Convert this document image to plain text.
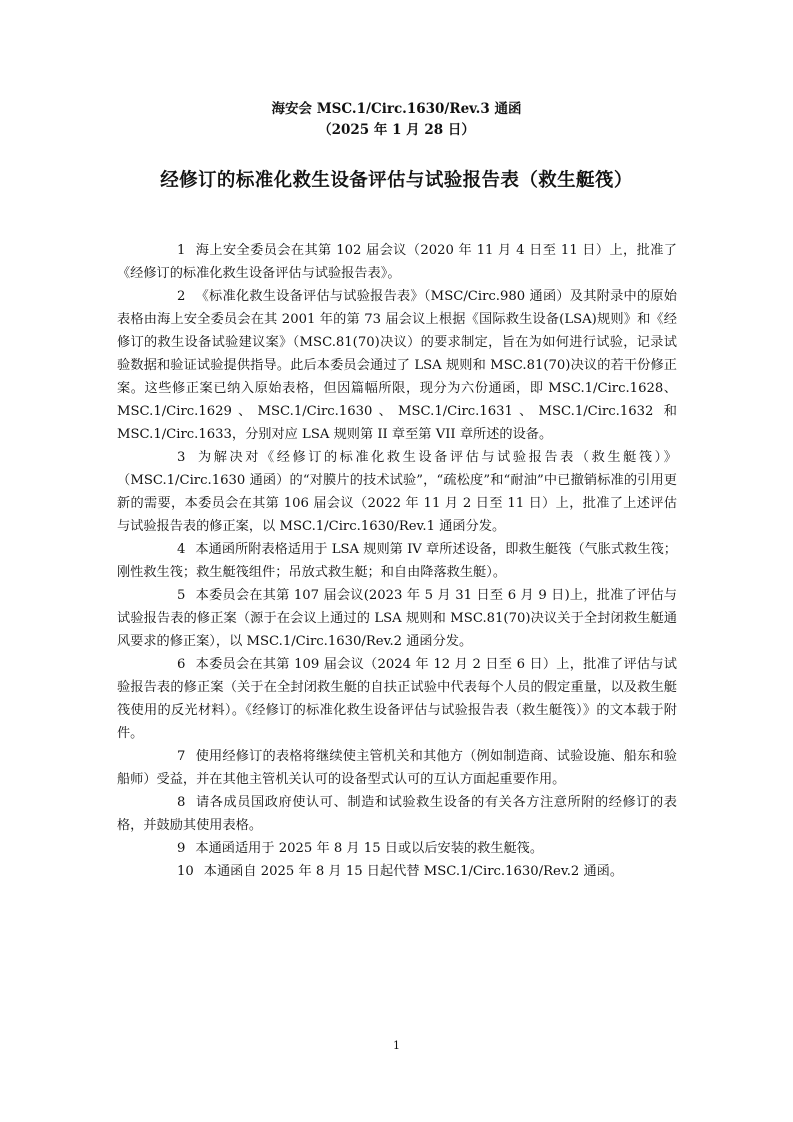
海安会 MSC.1/Circ.1630/Rev.3 通函
（2025 年 1 月 28 日）
经修订的标准化救生设备评估与试验报告表（救生艇筏）

1 海上安全委员会在其第 102 届会议（2020 年 11 月 4 日至 11 日）上，批准了《经修订的标准化救生设备评估与试验报告表》。

2 《标准化救生设备评估与试验报告表》（MSC/Circ.980 通函）及其附录中的原始表格由海上安全委员会在其 2001 年的第 73 届会议上根据《国际救生设备(LSA)规则》和《经修订的救生设备试验建议案》（MSC.81(70)决议）的要求制定，旨在为如何进行试验，记录试验数据和验证试验提供指导。此后本委员会通过了 LSA 规则和 MSC.81(70)决议的若干份修正案。这些修正案已纳入原始表格，但因篇幅所限，现分为六份通函，即 MSC.1/Circ.1628、MSC.1/Circ.1629、MSC.1/Circ.1630、MSC.1/Circ.1631、MSC.1/Circ.1632 和 MSC.1/Circ.1633，分别对应 LSA 规则第 II 章至第 VII 章所述的设备。

3 为解决对《经修订的标准化救生设备评估与试验报告表（救生艇筏）》（MSC.1/Circ.1630 通函）的“对膜片的技术试验”，“疏松度”和“耐油”中已撤销标准的引用更新的需要，本委员会在其第 106 届会议（2022 年 11 月 2 日至 11 日）上，批准了上述评估与试验报告表的修正案，以 MSC.1/Circ.1630/Rev.1 通函分发。

4 本通函所附表格适用于 LSA 规则第 IV 章所述设备，即救生艇筏（气胀式救生筏；刚性救生筏；救生艇筏组件；吊放式救生艇；和自由降落救生艇）。

5 本委员会在其第 107 届会议(2023 年 5 月 31 日至 6 月 9 日)上，批准了评估与试验报告表的修正案（源于在会议上通过的 LSA 规则和 MSC.81(70)决议关于全封闭救生艇通风要求的修正案），以 MSC.1/Circ.1630/Rev.2 通函分发。

6 本委员会在其第 109 届会议（2024 年 12 月 2 日至 6 日）上，批准了评估与试验报告表的修正案（关于在全封闭救生艇的自扶正试验中代表每个人员的假定重量，以及救生艇筏使用的反光材料）。《经修订的标准化救生设备评估与试验报告表（救生艇筏）》的文本载于附件。

7 使用经修订的表格将继续使主管机关和其他方（例如制造商、试验设施、船东和验船师）受益，并在其他主管机关认可的设备型式认可的互认方面起重要作用。

8 请各成员国政府使认可、制造和试验救生设备的有关各方注意所附的经修订的表格，并鼓励其使用表格。

9 本通函适用于 2025 年 8 月 15 日或以后安装的救生艇筏。

10 本通函自 2025 年 8 月 15 日起代替 MSC.1/Circ.1630/Rev.2 通函。

1
